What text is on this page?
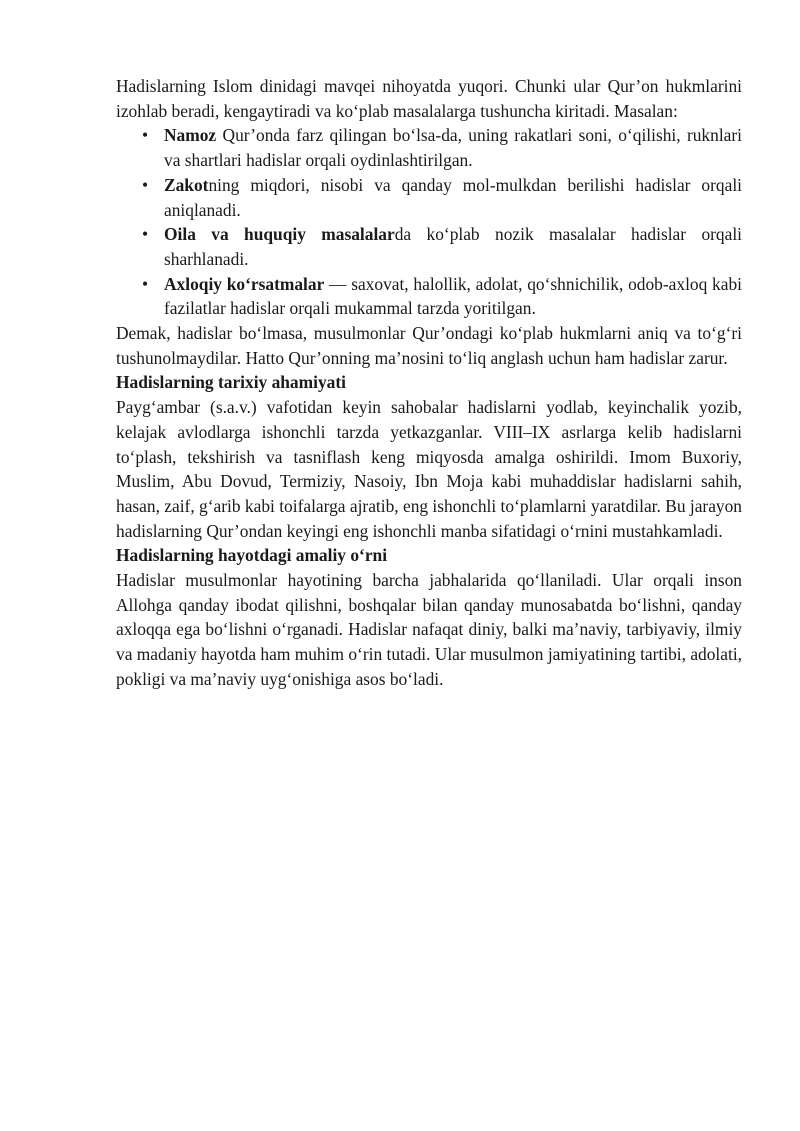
Hadislarning Islom dinidagi mavqei nihoyatda yuqori. Chunki ular Qur’on hukmlarini izohlab beradi, kengaytiradi va ko‘plab masalalarga tushuncha kiritadi. Masalan:

• Namoz Qur’onda farz qilingan bo‘lsa-da, uning rakatlari soni, o‘qilishi, ruknlari va shartlari hadislar orqali oydinlashtirilgan.
• Zakotning miqdori, nisobi va qanday mol-mulkdan berilishi hadislar orqali aniqlanadi.
• Oila va huquqiy masalalarda ko‘plab nozik masalalar hadislar orqali sharhlanadi.
• Axloqiy ko‘rsatmalar — saxovat, halollik, adolat, qo‘shnichilik, odob-axloq kabi fazilatlar hadislar orqali mukammal tarzda yoritilgan.

Demak, hadislar bo‘lmasa, musulmonlar Qur’ondagi ko‘plab hukmlarni aniq va to‘g‘ri tushunolmaydilar. Hatto Qur’onning ma’nosini to‘liq anglash uchun ham hadislar zarur.

Hadislarning tarixiy ahamiyati

Payg‘ambar (s.a.v.) vafotidan keyin sahobalar hadislarni yodlab, keyinchalik yozib, kelajak avlodlarga ishonchli tarzda yetkazganlar. VIII–IX asrlarga kelib hadislarni to‘plash, tekshirish va tasniflash keng miqyosda amalga oshirildi. Imom Buxoriy, Muslim, Abu Dovud, Termiziy, Nasoiy, Ibn Moja kabi muhaddislar hadislarni sahih, hasan, zaif, g‘arib kabi toifalarga ajratib, eng ishonchli to‘plamlarni yaratdilar. Bu jarayon hadislarning Qur’ondan keyingi eng ishonchli manba sifatidagi o‘rnini mustahkamladi.

Hadislarning hayotdagi amaliy o‘rni

Hadislar musulmonlar hayotining barcha jabhalarida qo‘llaniladi. Ular orqali inson Allohga qanday ibodat qilishni, boshqalar bilan qanday munosabatda bo‘lishni, qanday axloqqa ega bo‘lishni o‘rganadi. Hadislar nafaqat diniy, balki ma’naviy, tarbiyaviy, ilmiy va madaniy hayotda ham muhim o‘rin tutadi. Ular musulmon jamiyatining tartibi, adolati, pokligi va ma’naviy uyg‘onishiga asos bo‘ladi.
